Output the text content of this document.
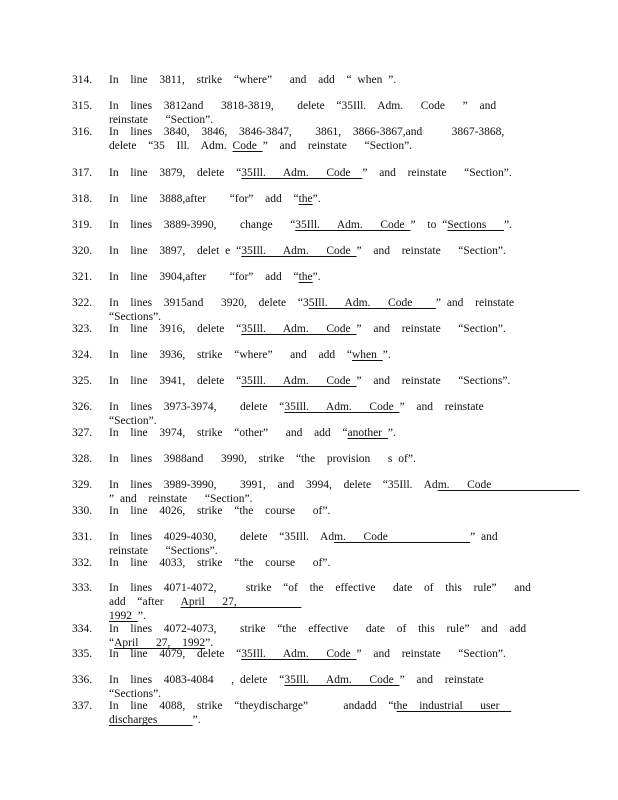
314.	In  line  3811,  strike  “where”   and  add  “ when ”.
315.	In  lines  3812and   3818-3819,    delete  “35Ill.  Adm.   Code   ”  and  reinstate   “Section”.
316.	In  lines  3840,  3846,  3846-3847,    3861,  3866-3867,and     3867-3868,    delete  “35  Ill.  Adm. Code ”  and  reinstate   “Section”.
317.	In  line  3879,  delete  “35Ill.   Adm.   Code  ”  and  reinstate   “Section”.
318.	In  line  3888,after    “for”  add  “the”.
319.	In  lines  3889-3990,    change   “35Ill.   Adm.   Code ”  to “Sections   ”.
320.	In  line  3897,  delet e “35Ill.   Adm.   Code ”  and  reinstate   “Section”.
321.	In  line  3904,after    “for”  add  “the”.
322.	In  lines  3915and   3920,  delete  “35Ill.   Adm.   Code    ” and  reinstate   “Sections”.
323.	In  line  3916,  delete  “35Ill.   Adm.   Code ”  and  reinstate   “Section”.
324.	In  line  3936,  strike  “where”   and  add  “when ”.
325.	In  line  3941,  delete  “35Ill.   Adm.   Code ”  and  reinstate   “Sections”.
326.	In  lines  3973-3974,    delete  “35Ill.   Adm.   Code ”  and  reinstate   “Section”.
327.	In  line  3974,  strike  “other”   and  add  “another ”.
328.	In  lines  3988and   3990,  strike  “the  provision   s of”.
329.	In  lines  3989-3990,    3991,  and  3994,  delete  “35Ill.  Adm.   Code               ” and  reinstate   “Section”.
330.	In  line  4026,  strike  “the  course   of”.
331.	In  lines  4029-4030,    delete  “35Ill.  Adm.   Code              ” and  reinstate   “Sections”.
332.	In  line  4033,  strike  “the  course   of”.
333.	In  lines  4071-4072,     strike  “of  the  effective   date  of  this  rule”   and  add  “after   April   27,
1992 ”.
334.	In  lines  4072-4073,    strike  “the  effective   date  of  this  rule”  and  add  “April   27,  1992”.
335.	In  line  4079,  delete  “35Ill.   Adm.   Code ”  and  reinstate   “Section”.
336.	In  lines  4083-4084   , delete  “35Ill.   Adm.   Code ”  and  reinstate   “Sections”.
337.	In  line  4088,  strike  “theydischarge”      andadd  “the  industrial   user  discharges      ”.
